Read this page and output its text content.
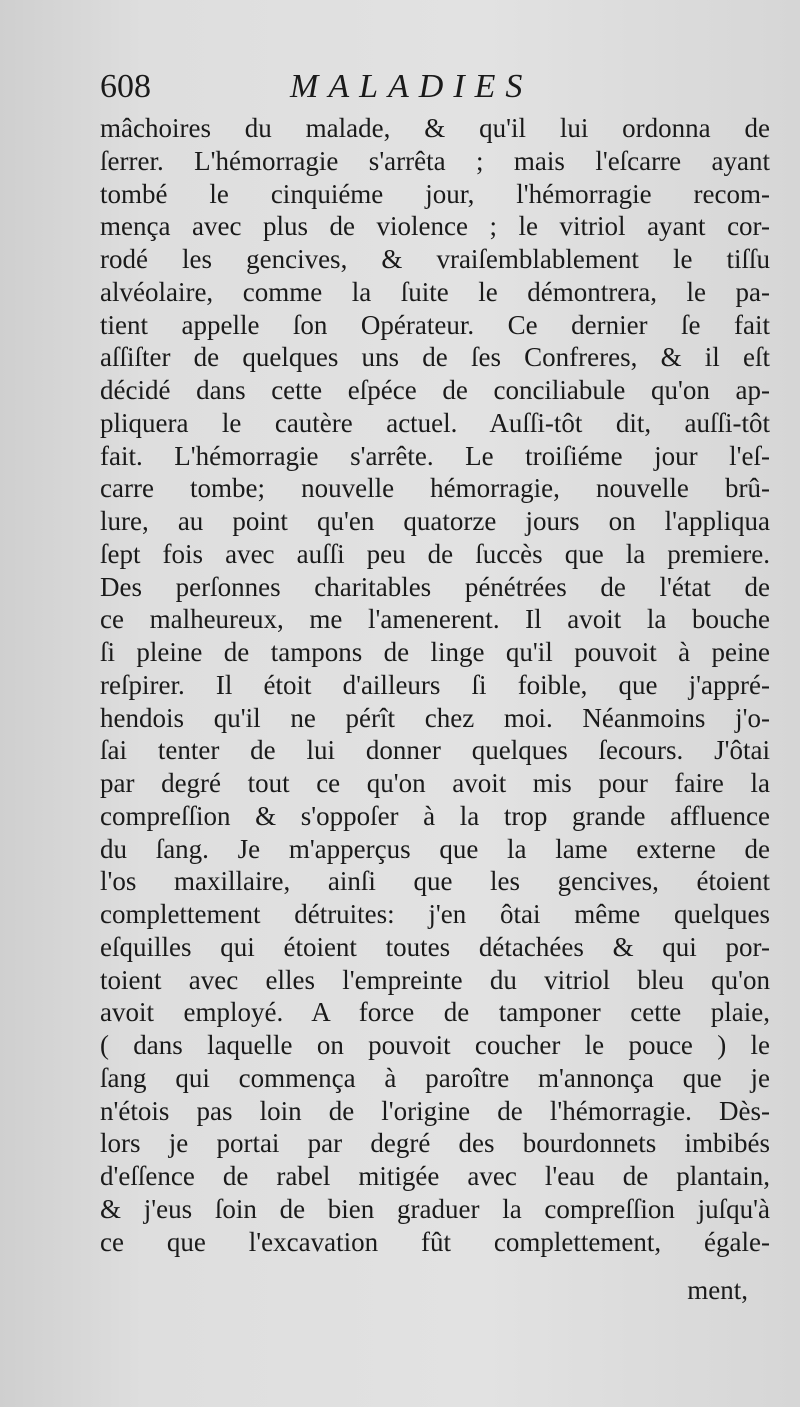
608	MALADIES
mâchoires du malade, & qu'il lui ordonna de
ſerrer. L'hémorragie s'arrêta ; mais l'eſcarre ayant
tombé le cinquiéme jour, l'hémorragie recom-
mença avec plus de violence ; le vitriol ayant cor-
rodé les gencives, & vraiſemblablement le tiſſu
alvéolaire, comme la ſuite le démontrera, le pa-
tient appelle ſon Opérateur. Ce dernier ſe fait
aſſiſter de quelques uns de ſes Confreres, & il eſt
décidé dans cette eſpéce de conciliabule qu'on ap-
pliquera le cautère actuel. Auſſi-tôt dit, auſſi-tôt
fait. L'hémorragie s'arrête. Le troiſiéme jour l'eſ-
carre tombe; nouvelle hémorragie, nouvelle brû-
lure, au point qu'en quatorze jours on l'appliqua
ſept fois avec auſſi peu de ſuccès que la premiere.
Des perſonnes charitables pénétrées de l'état de
ce malheureux, me l'amenerent. Il avoit la bouche
ſi pleine de tampons de linge qu'il pouvoit à peine
reſpirer. Il étoit d'ailleurs ſi foible, que j'appré-
hendois qu'il ne pérît chez moi. Néanmoins j'o-
ſai tenter de lui donner quelques ſecours. J'ôtai
par degré tout ce qu'on avoit mis pour faire la
compreſſion & s'oppoſer à la trop grande affluence
du ſang. Je m'apperçus que la lame externe de
l'os maxillaire, ainſi que les gencives, étoient
complettement détruites: j'en ôtai même quelques
eſquilles qui étoient toutes détachées & qui por-
toient avec elles l'empreinte du vitriol bleu qu'on
avoit employé. A force de tamponer cette plaie,
( dans laquelle on pouvoit coucher le pouce ) le
ſang qui commença à paroître m'annonça que je
n'étois pas loin de l'origine de l'hémorragie. Dès-
lors je portai par degré des bourdonnets imbibés
d'eſſence de rabel mitigée avec l'eau de plantain,
& j'eus ſoin de bien graduer la compreſſion juſqu'à
ce que l'excavation fût complettement, égale-
ment,
